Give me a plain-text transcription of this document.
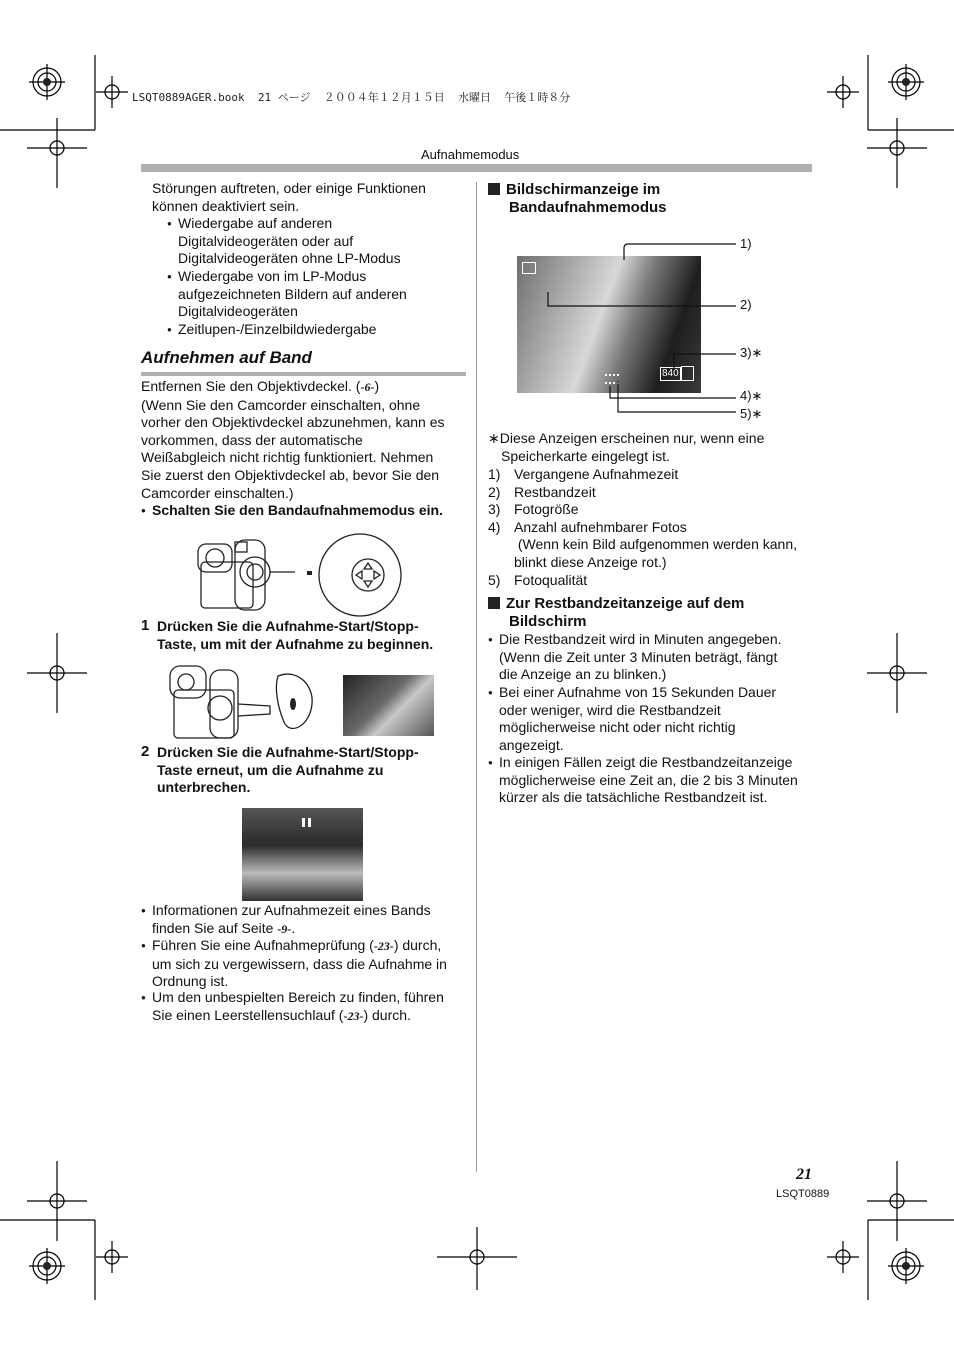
LSQT0889AGER.book  21 ページ  ２００４年１２月１５日  水曜日  午後１時８分
Aufnahmemodus
Störungen auftreten, oder einige Funktionen
können deaktiviert sein.
● Wiedergabe auf anderen
Digitalvideogeräten oder auf
Digitalvideogeräten ohne LP-Modus
● Wiedergabe von im LP-Modus
aufgezeichneten Bildern auf anderen
Digitalvideogeräten
● Zeitlupen-/Einzelbildwiedergabe
Aufnehmen auf Band
Entfernen Sie den Objektivdeckel. (-6-)
(Wenn Sie den Camcorder einschalten, ohne
vorher den Objektivdeckel abzunehmen, kann es
vorkommen, dass der automatische
Weißabgleich nicht richtig funktioniert. Nehmen
Sie zuerst den Objektivdeckel ab, bevor Sie den
Camcorder einschalten.)
● Schalten Sie den Bandaufnahmemodus ein.
1 Drücken Sie die Aufnahme-Start/Stopp-
Taste, um mit der Aufnahme zu beginnen.
2 Drücken Sie die Aufnahme-Start/Stopp-
Taste erneut, um die Aufnahme zu
unterbrechen.
● Informationen zur Aufnahmezeit eines Bands
finden Sie auf Seite -9-.
● Führen Sie eine Aufnahmeprüfung (-23-) durch,
um sich zu vergewissern, dass die Aufnahme in
Ordnung ist.
● Um den unbespielten Bereich zu finden, führen
Sie einen Leerstellensuchlauf (-23-) durch.
Bildschirmanzeige im
Bandaufnahmemodus
840
1)
2)
3)∗
4)∗
5)∗
∗Diese Anzeigen erscheinen nur, wenn eine
Speicherkarte eingelegt ist.
1) Vergangene Aufnahmezeit
2) Restbandzeit
3) Fotogröße
4) Anzahl aufnehmbarer Fotos
(Wenn kein Bild aufgenommen werden kann,
blinkt diese Anzeige rot.)
5) Fotoqualität
Zur Restbandzeitanzeige auf dem
Bildschirm
● Die Restbandzeit wird in Minuten angegeben.
(Wenn die Zeit unter 3 Minuten beträgt, fängt
die Anzeige an zu blinken.)
● Bei einer Aufnahme von 15 Sekunden Dauer
oder weniger, wird die Restbandzeit
möglicherweise nicht oder nicht richtig
angezeigt.
● In einigen Fällen zeigt die Restbandzeitanzeige
möglicherweise eine Zeit an, die 2 bis 3 Minuten
kürzer als die tatsächliche Restbandzeit ist.
21
LSQT0889
